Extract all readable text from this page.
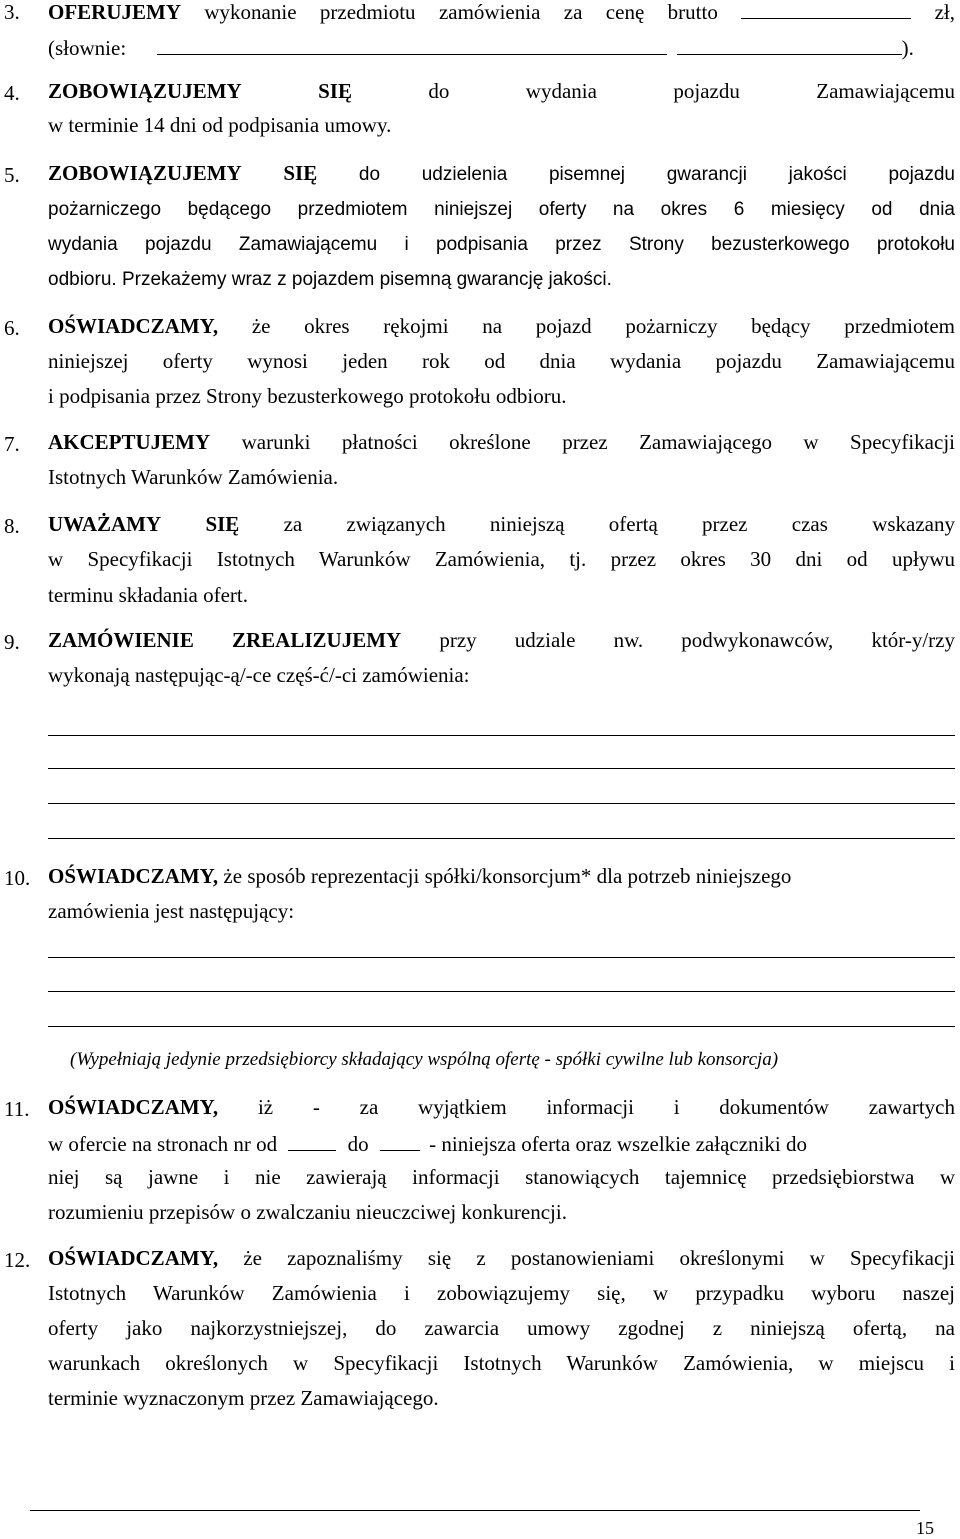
3. OFERUJEMY wykonanie przedmiotu zamówienia za cenę brutto	zł,
(słownie:	).
4. ZOBOWIĄZUJEMY	SIĘ	do wydania pojazdu Zamawiającemu
w terminie 14 dni od podpisania umowy.
5. ZOBOWIĄZUJEMY SIĘ do udzielenia pisemnej gwarancji jakości pojazdu
pożarniczego będącego przedmiotem niniejszej oferty na okres 6 miesięcy od dnia
wydania pojazdu Zamawiającemu i podpisania przez Strony bezusterkowego protokołu
odbioru. Przekażemy wraz z pojazdem pisemną gwarancję jakości.
6. OŚWIADCZAMY, że okres rękojmi na pojazd pożarniczy będący przedmiotem
niniejszej oferty wynosi jeden rok od dnia wydania pojazdu Zamawiającemu
i podpisania przez Strony bezusterkowego protokołu odbioru.
7. AKCEPTUJEMY warunki płatności określone przez Zamawiającego w Specyfikacji
Istotnych Warunków Zamówienia.
8. UWAŻAMY SIĘ za związanych niniejszą ofertą przez czas wskazany
w Specyfikacji Istotnych Warunków Zamówienia, tj. przez okres 30 dni od upływu
terminu składania ofert.
9. ZAMÓWIENIE ZREALIZUJEMY przy udziale nw. podwykonawców, któr-y/rzy
wykonają następując-ą/-ce częś-ć/-ci zamówienia:
10. OŚWIADCZAMY, że sposób reprezentacji spółki/konsorcjum* dla potrzeb niniejszego
zamówienia jest następujący:
(Wypełniają jedynie przedsiębiorcy składający wspólną ofertę - spółki cywilne lub konsorcja)
11. OŚWIADCZAMY, iż - za wyjątkiem informacji i dokumentów zawartych
w ofercie na stronach nr od	do	- niniejsza oferta oraz wszelkie załączniki do
niej są jawne i nie zawierają informacji stanowiących tajemnicę przedsiębiorstwa w
rozumieniu przepisów o zwalczaniu nieuczciwej konkurencji.
12. OŚWIADCZAMY, że zapoznaliśmy się z postanowieniami określonymi w Specyfikacji
Istotnych Warunków Zamówienia i zobowiązujemy się, w przypadku wyboru naszej
oferty jako najkorzystniejszej, do zawarcia umowy zgodnej z niniejszą ofertą, na
warunkach określonych w Specyfikacji Istotnych Warunków Zamówienia, w miejscu i
terminie wyznaczonym przez Zamawiającego.
15
